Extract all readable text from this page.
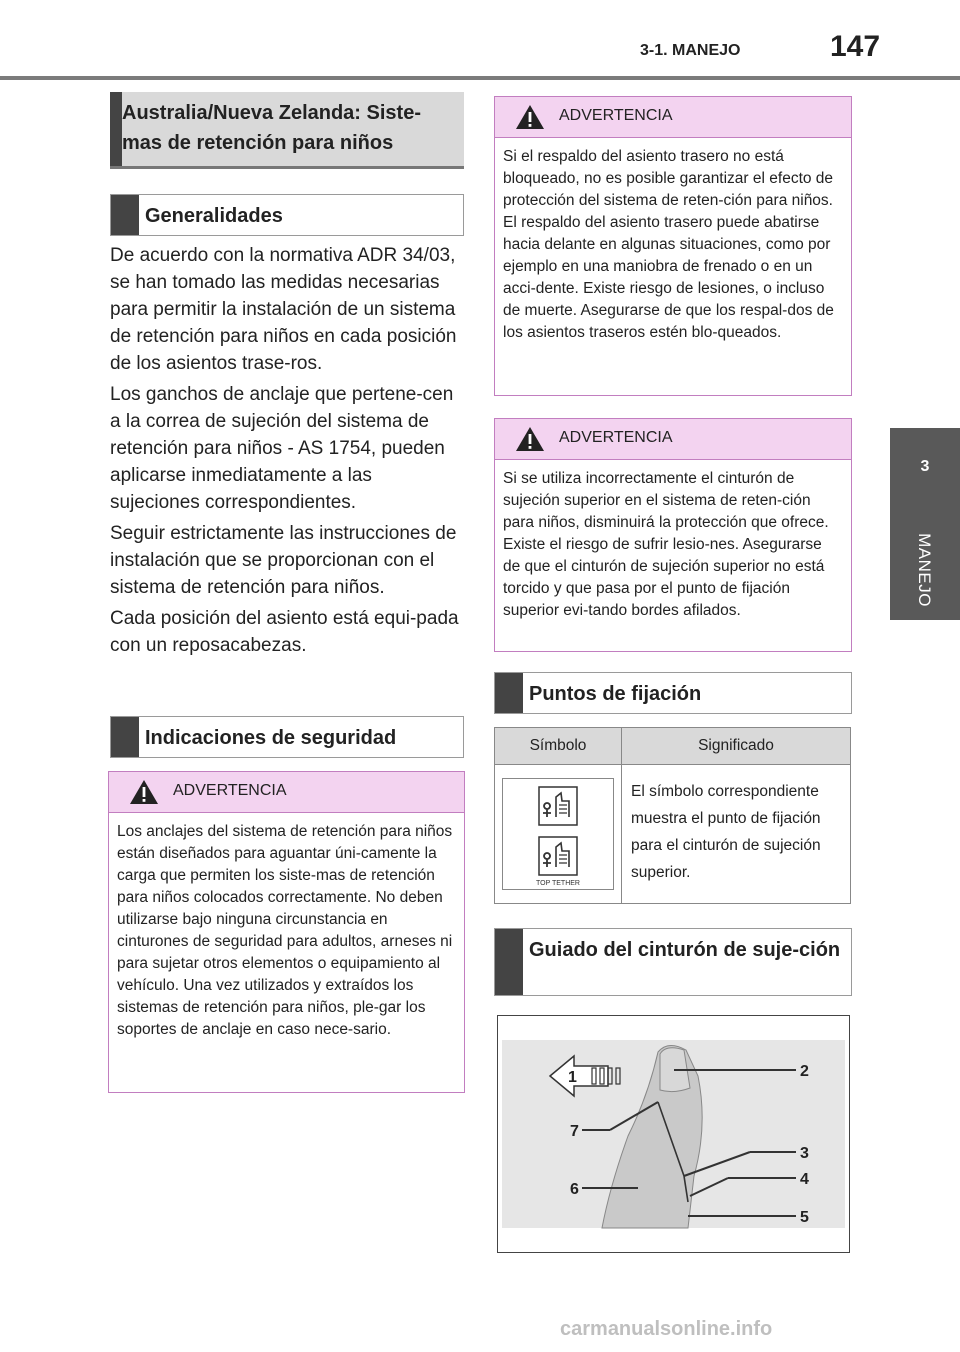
3-1. MANEJO	147
3
MANEJO
Australia/Nueva Zelanda: Siste-mas de retención para niños
Generalidades

De acuerdo con la normativa ADR 34/03, se han tomado las medidas necesarias para permitir la instalación de un sistema de retención para niños en cada posición de los asientos trase-ros.

Los ganchos de anclaje que pertene-cen a la correa de sujeción del sistema de retención para niños - AS 1754, pueden aplicarse inmediatamente a las sujeciones correspondientes.

Seguir estrictamente las instrucciones de instalación que se proporcionan con el sistema de retención para niños.

Cada posición del asiento está equi-pada con un reposacabezas.

Indicaciones de seguridad
ADVERTENCIA
Los anclajes del sistema de retención para niños están diseñados para aguantar úni-camente la carga que permiten los siste-mas de retención para niños colocados correctamente. No deben utilizarse bajo ninguna circunstancia en cinturones de seguridad para adultos, arneses ni para sujetar otros elementos o equipamiento al vehículo. Una vez utilizados y extraídos los sistemas de retención para niños, ple-gar los soportes de anclaje en caso nece-sario.
ADVERTENCIA
Si el respaldo del asiento trasero no está bloqueado, no es posible garantizar el efecto de protección del sistema de reten-ción para niños. El respaldo del asiento trasero puede abatirse hacia delante en algunas situaciones, como por ejemplo en una maniobra de frenado o en un acci-dente. Existe riesgo de lesiones, o incluso de muerte. Asegurarse de que los respal-dos de los asientos traseros estén blo-queados.
ADVERTENCIA
Si se utiliza incorrectamente el cinturón de sujeción superior en el sistema de reten-ción para niños, disminuirá la protección que ofrece. Existe el riesgo de sufrir lesio-nes. Asegurarse de que el cinturón de sujeción superior no está torcido y que pasa por el punto de fijación superior evi-tando bordes afilados.
Puntos de fijación
Símbolo	Significado

TOP TETHER	El símbolo correspondiente muestra el punto de fijación para el cinturón de sujeción superior.
Guiado del cinturón de suje-ción
1	2
3
4
5
6
7
carmanualsonline.info
